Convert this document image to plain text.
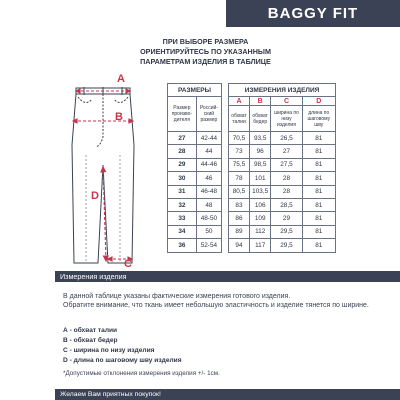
BAGGY FIT
ПРИ ВЫБОРЕ РАЗМЕРА
ОРИЕНТИРУЙТЕСЬ ПО УКАЗАННЫМ
ПАРАМЕТРАМ ИЗДЕЛИЯ В ТАБЛИЦЕ
A
B
D
C
РАЗМЕРЫ	
Размер произво-дителя	Россий-ский размер
27	42-44
28	44
29	44-46
30	46
31	46-48
32	48
33	48-50
34	50
36	52-54
ИЗМЕРЕНИЯ ИЗДЕЛИЯ			
A	B	C	D
обхват талии	обхват бедер	ширина по низу изделия	длина по шаговому шву
70,5	93,5	26,5	81
73	96	27	81
75,5	98,5	27,5	81
78	101	28	81
80,5	103,5	28	81
83	106	28,5	81
86	109	29	81
89	112	29,5	81
94	117	29,5	81
Измерения изделия
В данной таблице указаны фактические измерения готового изделия.
Обратите внимание, что ткань имеет небольшую эластичность и изделие тянется по ширине.
А - обхват талии
В - обхват бедер
С - ширина по низу изделия
D - длина по шаговому шву изделия
*Допустимые отклонения измерения изделия +/- 1см.
Желаем Вам приятных покупок!
